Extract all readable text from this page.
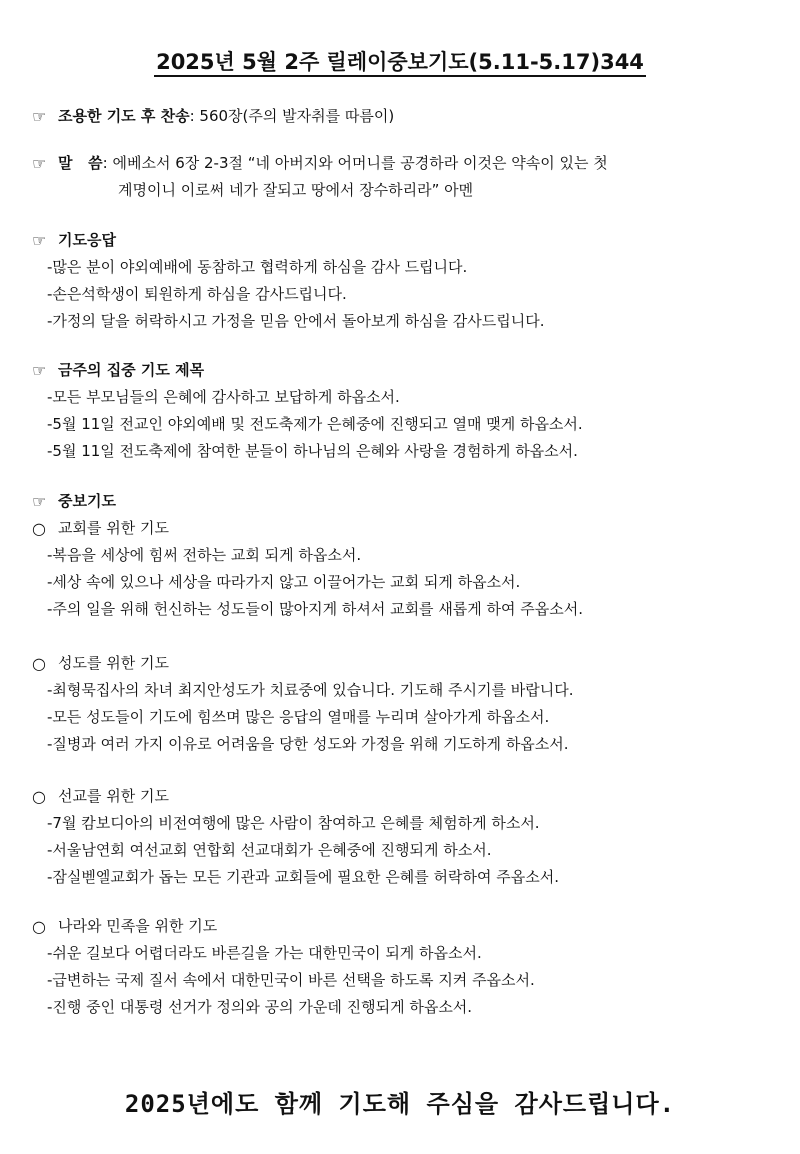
2025년 5월 2주 릴레이중보기도(5.11-5.17)344
☞ 조용한 기도 후 찬송 : 560장(주의 발자취를 따름이)
☞ 말   씀 : 에베소서 6장 2-3절 “네 아버지와 어머니를 공경하라 이것은 약속이 있는 첫
계명이니 이로써 네가 잘되고 땅에서 장수하리라” 아멘
☞ 기도응답
-많은 분이 야외예배에 동참하고 협력하게 하심을 감사 드립니다.
-손은석학생이 퇴원하게 하심을 감사드립니다.
-가정의 달을 허락하시고 가정을 믿음 안에서 돌아보게 하심을 감사드립니다.
☞ 금주의 집중 기도 제목
-모든 부모님들의 은혜에 감사하고 보답하게 하옵소서.
-5월 11일 전교인 야외예배 및 전도축제가 은혜중에 진행되고 열매 맺게 하옵소서.
-5월 11일 전도축제에 참여한 분들이 하나님의 은혜와 사랑을 경험하게 하옵소서.
☞ 중보기도
○ 교회를 위한 기도
-복음을 세상에 힘써 전하는 교회 되게 하옵소서.
-세상 속에 있으나 세상을 따라가지 않고 이끌어가는 교회 되게 하옵소서.
-주의 일을 위해 헌신하는 성도들이 많아지게 하셔서 교회를 새롭게 하여 주옵소서.
○ 성도를 위한 기도
-최형묵집사의 차녀 최지안성도가 치료중에 있습니다. 기도해 주시기를 바랍니다.
-모든 성도들이 기도에 힘쓰며 많은 응답의 열매를 누리며 살아가게 하옵소서.
-질병과 여러 가지 이유로 어려움을 당한 성도와 가정을 위해 기도하게 하옵소서.
○ 선교를 위한 기도
-7월 캄보디아의 비전여행에 많은 사람이 참여하고 은혜를 체험하게 하소서.
-서울남연회 여선교회 연합회 선교대회가 은혜중에 진행되게 하소서.
-잠실벧엘교회가 돕는 모든 기관과 교회들에 필요한 은혜를 허락하여 주옵소서.
○ 나라와 민족을 위한 기도
-쉬운 길보다 어렵더라도 바른길을 가는 대한민국이 되게 하옵소서.
-급변하는 국제 질서 속에서 대한민국이 바른 선택을 하도록 지켜 주옵소서.
-진행 중인 대통령 선거가 정의와 공의 가운데 진행되게 하옵소서.
2025년에도 함께 기도해 주심을 감사드립니다.
